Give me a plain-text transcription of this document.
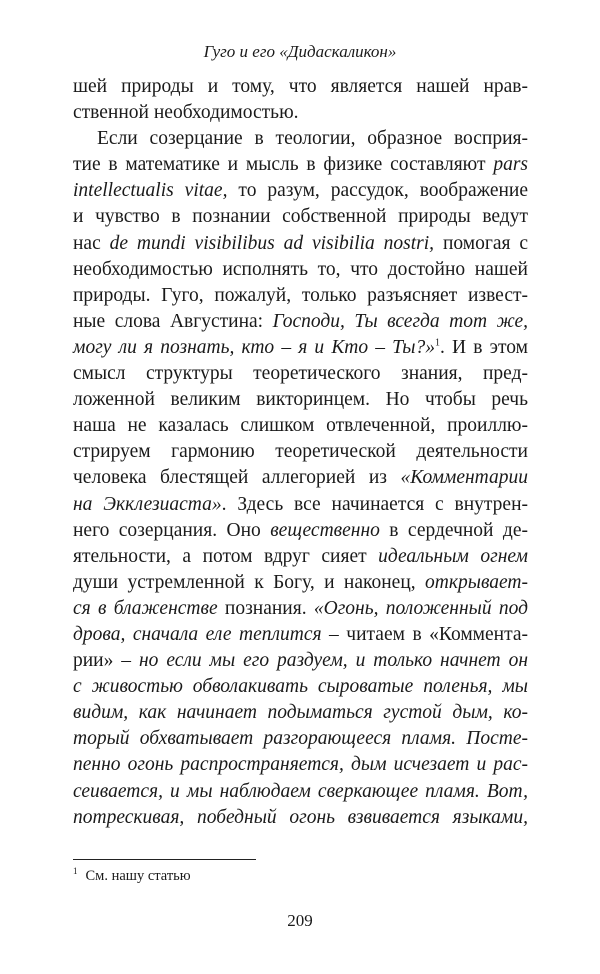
Гуго и его «Дидаскаликон»
шей природы и тому, что является нашей нрав-
ственной необходимостью.
Если созерцание в теологии, образное восприя-
тие в математике и мысль в физике составляют pars
intellectualis vitae, то разум, рассудок, воображение
и чувство в познании собственной природы ведут
нас de mundi visibilibus ad visibilia nostri, помогая с
необходимостью исполнять то, что достойно нашей
природы. Гуго, пожалуй, только разъясняет извест-
ные слова Августина: Господи, Ты всегда тот же,
могу ли я познать, кто – я и Кто – Ты?»$^1$. И в этом
смысл структуры теоретического знания, пред-
ложенной великим викторинцем. Но чтобы речь
наша не казалась слишком отвлеченной, проиллю-
стрируем гармонию теоретической деятельности
человека блестящей аллегорией из «Комментарии
на Экклезиаста». Здесь все начинается с внутрен-
него созерцания. Оно вещественно в сердечной де-
ятельности, а потом вдруг сияет идеальным огнем
души устремленной к Богу, и наконец, открывает-
ся в блаженстве познания. «Огонь, положенный под
дрова, сначала еле теплится – читаем в «Коммента-
рии» – но если мы его раздуем, и только начнет он
с живостью обволакивать сыроватые поленья, мы
видим, как начинает подыматься густой дым, ко-
торый обхватывает разгорающееся пламя. Посте-
пенно огонь распространяется, дым исчезает и рас-
сеивается, и мы наблюдаем сверкающее пламя. Вот,
потрескивая, победный огонь взвивается языками,
$^1$ См. нашу статью
209
